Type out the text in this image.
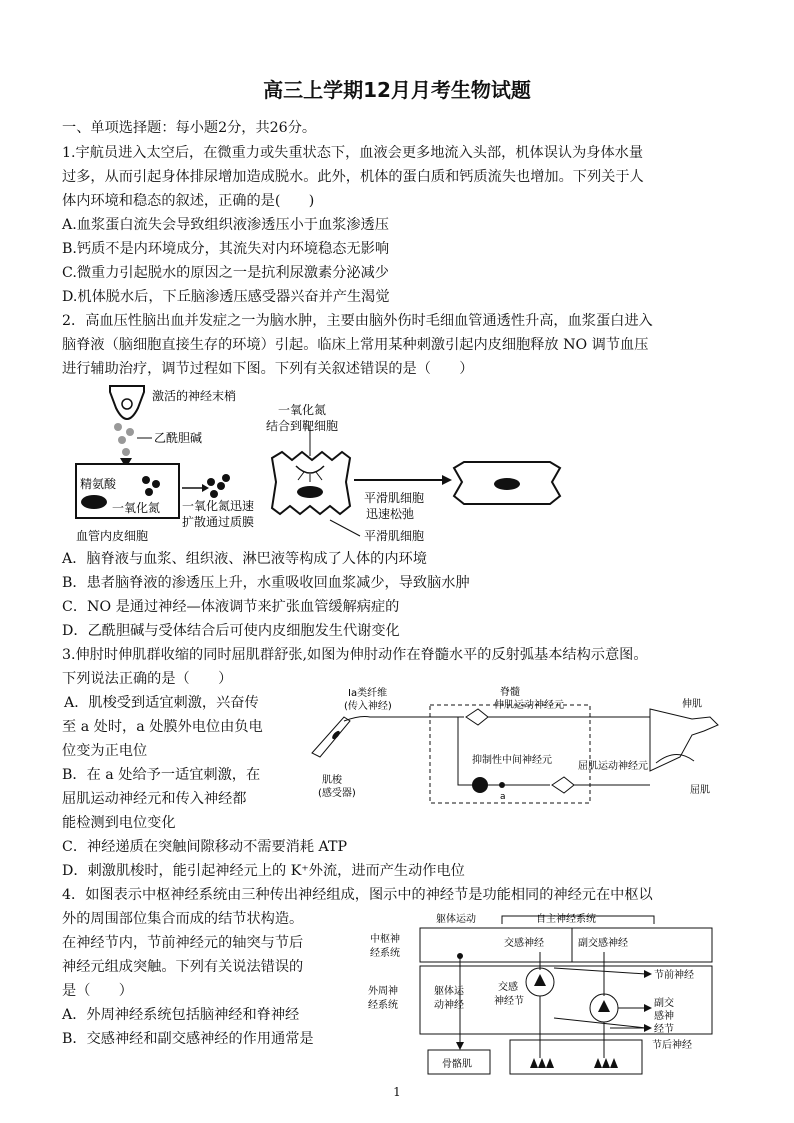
高三上学期12月月考生物试题
一、单项选择题：每小题2分，共26分。
1.宇航员进入太空后，在微重力或失重状态下，血液会更多地流入头部，机体误认为身体水量
过多，从而引起身体排尿增加造成脱水。此外，机体的蛋白质和钙质流失也增加。下列关于人
体内环境和稳态的叙述，正确的是(　　)
A.血浆蛋白流失会导致组织液渗透压小于血浆渗透压
B.钙质不是内环境成分，其流失对内环境稳态无影响
C.微重力引起脱水的原因之一是抗利尿激素分泌减少
D.机体脱水后，下丘脑渗透压感受器兴奋并产生渴觉
2．高血压性脑出血并发症之一为脑水肿，主要由脑外伤时毛细血管通透性升高，血浆蛋白进入
脑脊液（脑细胞直接生存的环境）引起。临床上常用某种刺激引起内皮细胞释放 NO 调节血压
进行辅助治疗，调节过程如下图。下列有关叙述错误的是（　　）
激活的神经末梢
乙酰胆碱
精氨酸
一氧化氮
血管内皮细胞
一氧化氮迅速
扩散通过质膜
一氧化氮
结合到靶细胞
平滑肌细胞
迅速松弛
平滑肌细胞
A．脑脊液与血浆、组织液、淋巴液等构成了人体的内环境
B．患者脑脊液的渗透压上升，水重吸收回血浆减少，导致脑水肿
C．NO 是通过神经—体液调节来扩张血管缓解病症的
D．乙酰胆碱与受体结合后可使内皮细胞发生代谢变化
3.伸肘时伸肌群收缩的同时屈肌群舒张,如图为伸肘动作在脊髓水平的反射弧基本结构示意图。
下列说法正确的是（　　）
A．肌梭受到适宜刺激，兴奋传
至 a 处时，a 处膜外电位由负电
位变为正电位
B．在 a 处给予一适宜刺激，在
屈肌运动神经元和传入神经都
能检测到电位变化
C．神经递质在突触间隙移动不需要消耗 ATP
D．刺激肌梭时，能引起神经元上的 K⁺外流，进而产生动作电位
脊髓
Ia类纤维
(传入神经)
肌梭
(感受器)
伸肌运动神经元
a
抑制性中间神经元
屈肌运动神经元
伸肌
屈肌
4．如图表示中枢神经系统由三种传出神经组成，图示中的神经节是功能相同的神经元在中枢以
外的周围部位集合而成的结节状构造。
在神经节内，节前神经元的轴突与节后
神经元组成突触。下列有关说法错误的
是（　　）
A．外周神经系统包括脑神经和脊神经
B．交感神经和副交感神经的作用通常是
躯体运动	自主神经系统
中枢神
经系统
交感神经	副交感神经
外周神
经系统
躯体运
动神经
交感
神经节
骨骼肌
节前神经
副交
感神
经节
节后神经
1
